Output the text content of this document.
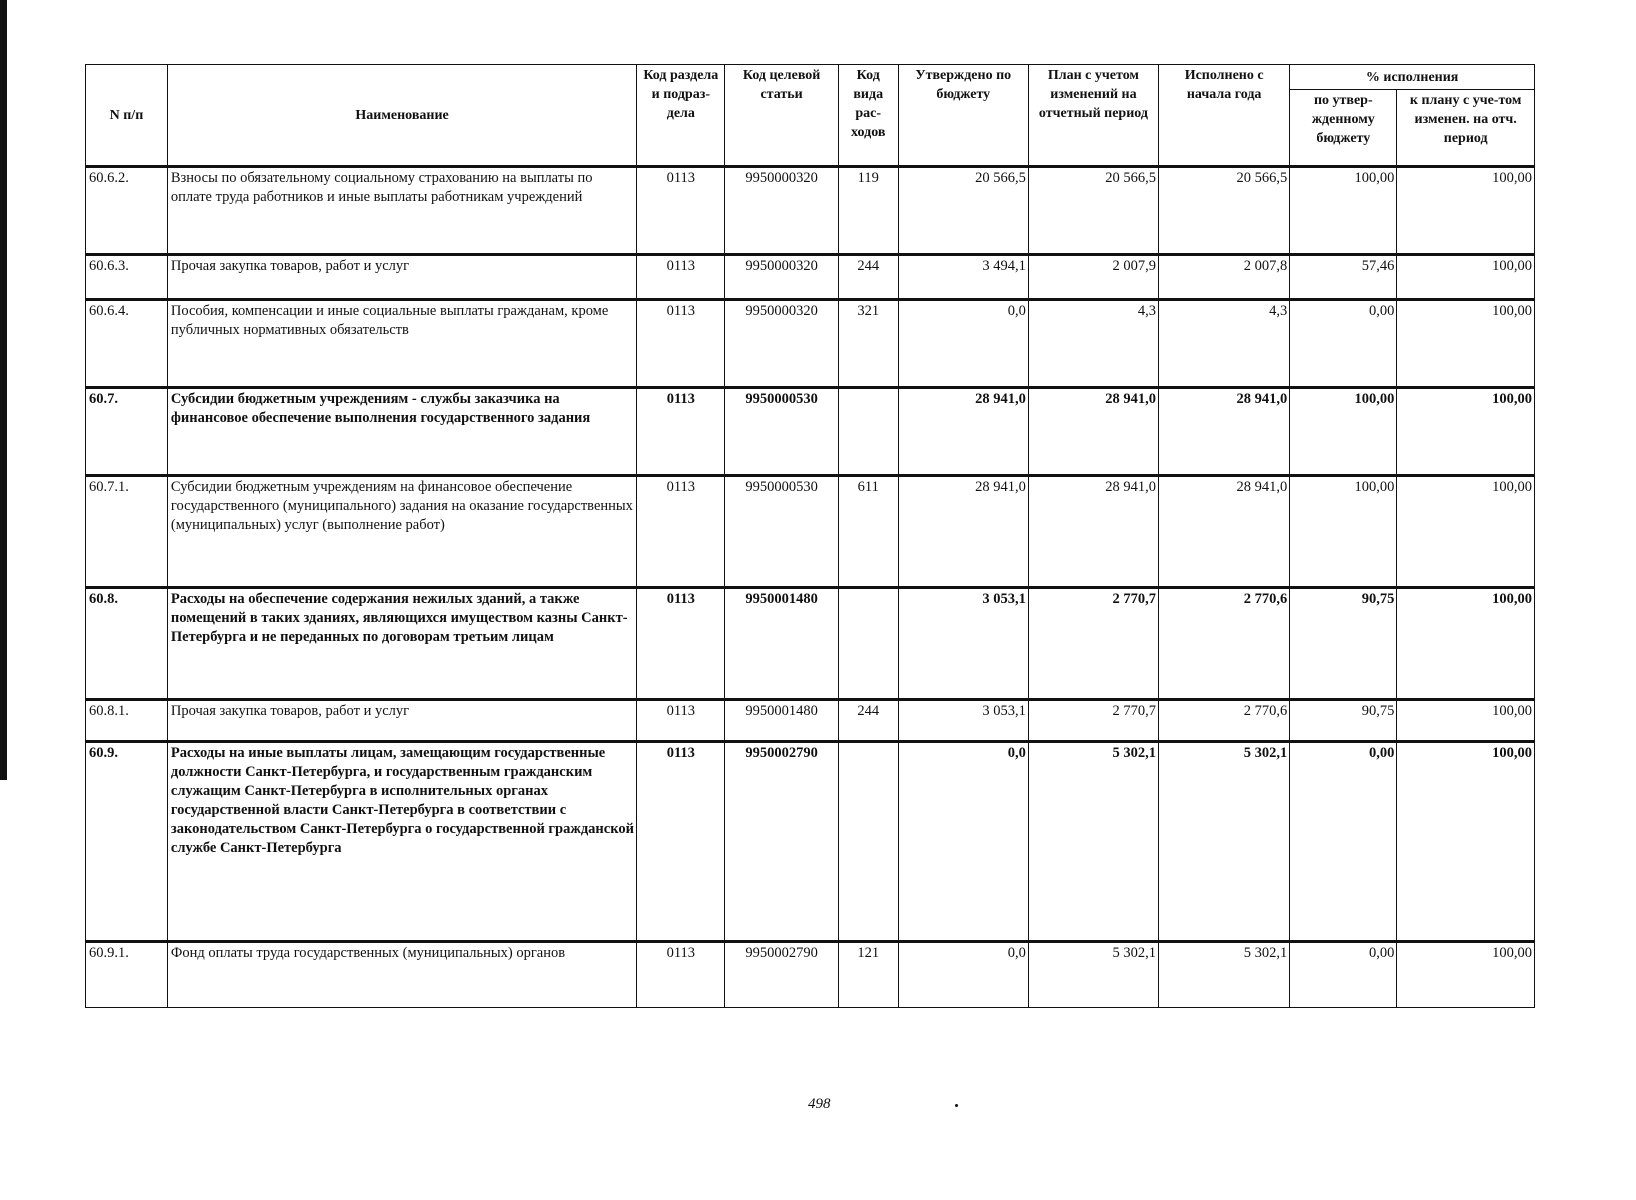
N п/п	Наименование	Код раздела и подраз-дела	Код целевой статьи	Код вида рас-ходов	Утверждено по бюджету	План с учетом изменений на отчетный период	Исполнено с начала года	% исполнения	
								по утвер-жденному бюджету	к плану с уче-том изменен. на отч. период
60.6.2.	Взносы по обязательному социальному страхованию на выплаты по оплате труда работников и иные выплаты работникам учреждений	0113	9950000320	119	20 566,5	20 566,5	20 566,5	100,00	100,00
60.6.3.	Прочая закупка товаров, работ и услуг	0113	9950000320	244	3 494,1	2 007,9	2 007,8	57,46	100,00
60.6.4.	Пособия, компенсации и иные социальные выплаты гражданам, кроме публичных нормативных обязательств	0113	9950000320	321	0,0	4,3	4,3	0,00	100,00
60.7.	Субсидии бюджетным учреждениям - службы заказчика на финансовое обеспечение выполнения государственного задания	0113	9950000530		28 941,0	28 941,0	28 941,0	100,00	100,00
60.7.1.	Субсидии бюджетным учреждениям на финансовое обеспечение государственного (муниципального) задания на оказание государственных (муниципальных) услуг (выполнение работ)	0113	9950000530	611	28 941,0	28 941,0	28 941,0	100,00	100,00
60.8.	Расходы на обеспечение содержания нежилых зданий, а также помещений в таких зданиях, являющихся имуществом казны Санкт-Петербурга и не переданных по договорам третьим лицам	0113	9950001480		3 053,1	2 770,7	2 770,6	90,75	100,00
60.8.1.	Прочая закупка товаров, работ и услуг	0113	9950001480	244	3 053,1	2 770,7	2 770,6	90,75	100,00
60.9.	Расходы на иные выплаты лицам, замещающим государственные должности Санкт-Петербурга, и государственным гражданским служащим Санкт-Петербурга в исполнительных органах государственной власти Санкт-Петербурга в соответствии с законодательством Санкт-Петербурга о государственной гражданской службе Санкт-Петербурга	0113	9950002790		0,0	5 302,1	5 302,1	0,00	100,00
60.9.1.	Фонд оплаты труда государственных (муниципальных) органов	0113	9950002790	121	0,0	5 302,1	5 302,1	0,00	100,00
498
